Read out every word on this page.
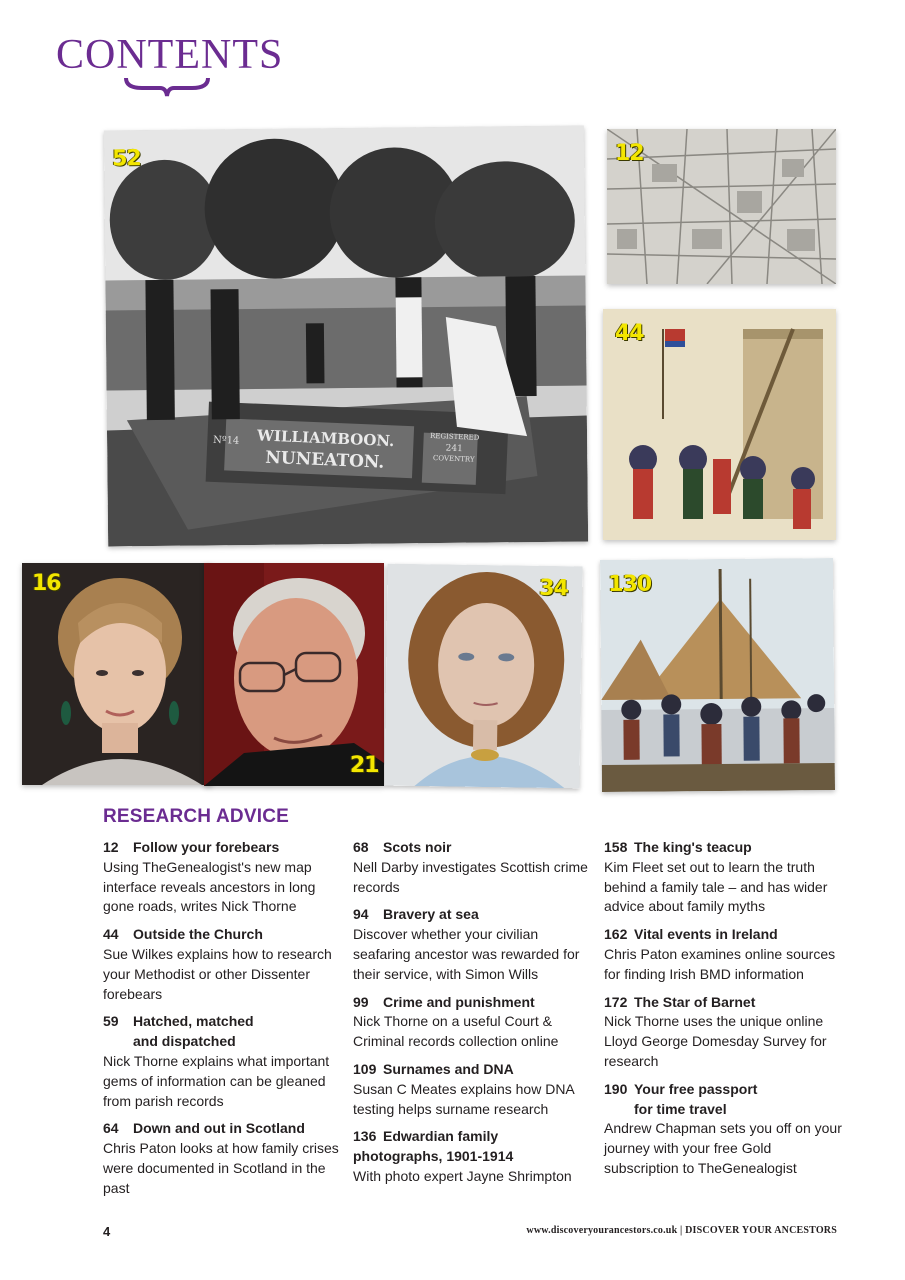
CONTENTS
WILLIAMBOON.
NUNEATON.
Nº14	REGISTERED
241
COVENTRY
52	12
44
16
21
34 130
RESEARCH ADVICE
12	Follow your forebears
Using TheGenealogist's new map interface reveals ancestors in long gone roads, writes Nick Thorne
44	Outside the Church
Sue Wilkes explains how to research your Methodist or other Dissenter forebears
59	Hatched, matched
and dispatched
Nick Thorne explains what important gems of information can be gleaned from parish records
64	Down and out in Scotland
Chris Paton looks at how family crises were documented in Scotland in the past
68	Scots noir
Nell Darby investigates Scottish crime records
94	Bravery at sea
Discover whether your civilian seafaring ancestor was rewarded for their service, with Simon Wills
99	Crime and punishment
Nick Thorne on a useful Court & Criminal records collection online
109 Surnames and DNA
Susan C Meates explains how DNA testing helps surname research
136 Edwardian family
photographs, 1901-1914
With photo expert Jayne Shrimpton
158 The king's teacup
Kim Fleet set out to learn the truth behind a family tale – and has wider advice about family myths
162 Vital events in Ireland
Chris Paton examines online sources for finding Irish BMD information
172 The Star of Barnet
Nick Thorne uses the unique online Lloyd George Domesday Survey for research
190 Your free passport
for time travel
Andrew Chapman sets you off on your journey with your free Gold subscription to TheGenealogist
4	www.discoveryourancestors.co.uk | DISCOVER YOUR ANCESTORS
